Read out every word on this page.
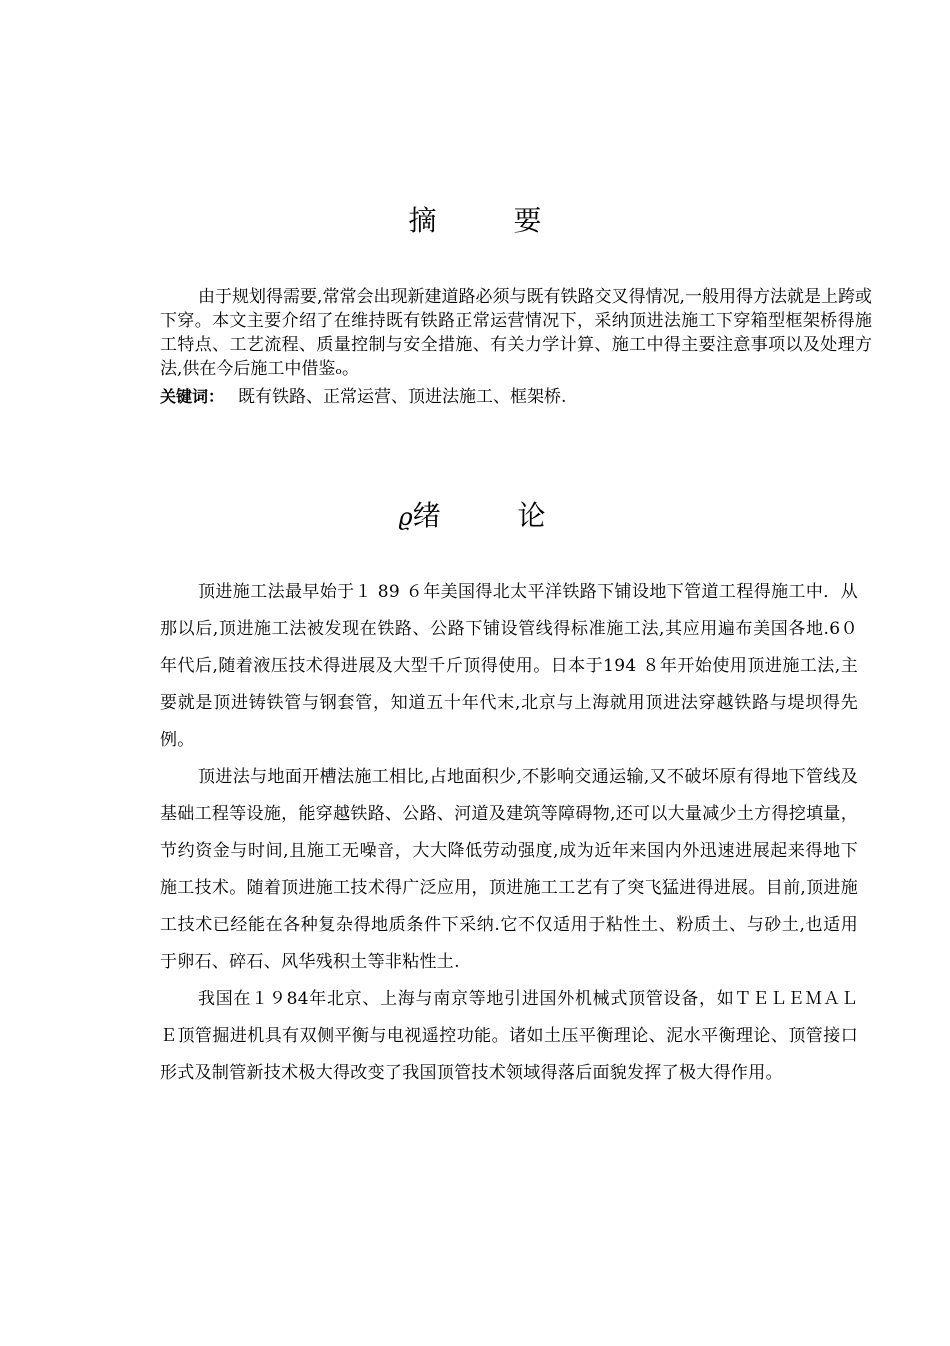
摘 要

由于规划得需要,常常会出现新建道路必须与既有铁路交叉得情况,一般用得方法就是上跨或下穿。本文主要介绍了在维持既有铁路正常运营情况下，采纳顶进法施工下穿箱型框架桥得施工特点、工艺流程、质量控制与安全措施、有关力学计算、施工中得主要注意事项以及处理方法,供在今后施工中借鉴ₒ。

关键词： 既有铁路、正常运营、顶进法施工、框架桥.

ϱ绪 论

顶进施工法最早始于１ 89 ６年美国得北太平洋铁路下铺设地下管道工程得施工中．从那以后,顶进施工法被发现在铁路、公路下铺设管线得标准施工法,其应用遍布美国各地.6０年代后,随着液压技术得进展及大型千斤顶得使用。日本于194 ８年开始使用顶进施工法,主要就是顶进铸铁管与钢套管，知道五十年代末,北京与上海就用顶进法穿越铁路与堤坝得先例。

顶进法与地面开槽法施工相比,占地面积少,不影响交通运输,又不破坏原有得地下管线及基础工程等设施，能穿越铁路、公路、河道及建筑等障碍物,还可以大量减少土方得挖填量，节约资金与时间,且施工无噪音，大大降低劳动强度,成为近年来国内外迅速进展起来得地下施工技术。随着顶进施工技术得广泛应用，顶进施工工艺有了突飞猛进得进展。目前,顶进施工技术已经能在各种复杂得地质条件下采纳.它不仅适用于粘性土、粉质土、与砂土,也适用于卵石、碎石、风华残积土等非粘性土.

我国在１９84年北京、上海与南京等地引进国外机械式顶管设备，如ＴＥＬＥＭＡＬＥ顶管掘进机具有双侧平衡与电视遥控功能。诸如土压平衡理论、泥水平衡理论、顶管接口形式及制管新技术极大得改变了我国顶管技术领域得落后面貌发挥了极大得作用。
